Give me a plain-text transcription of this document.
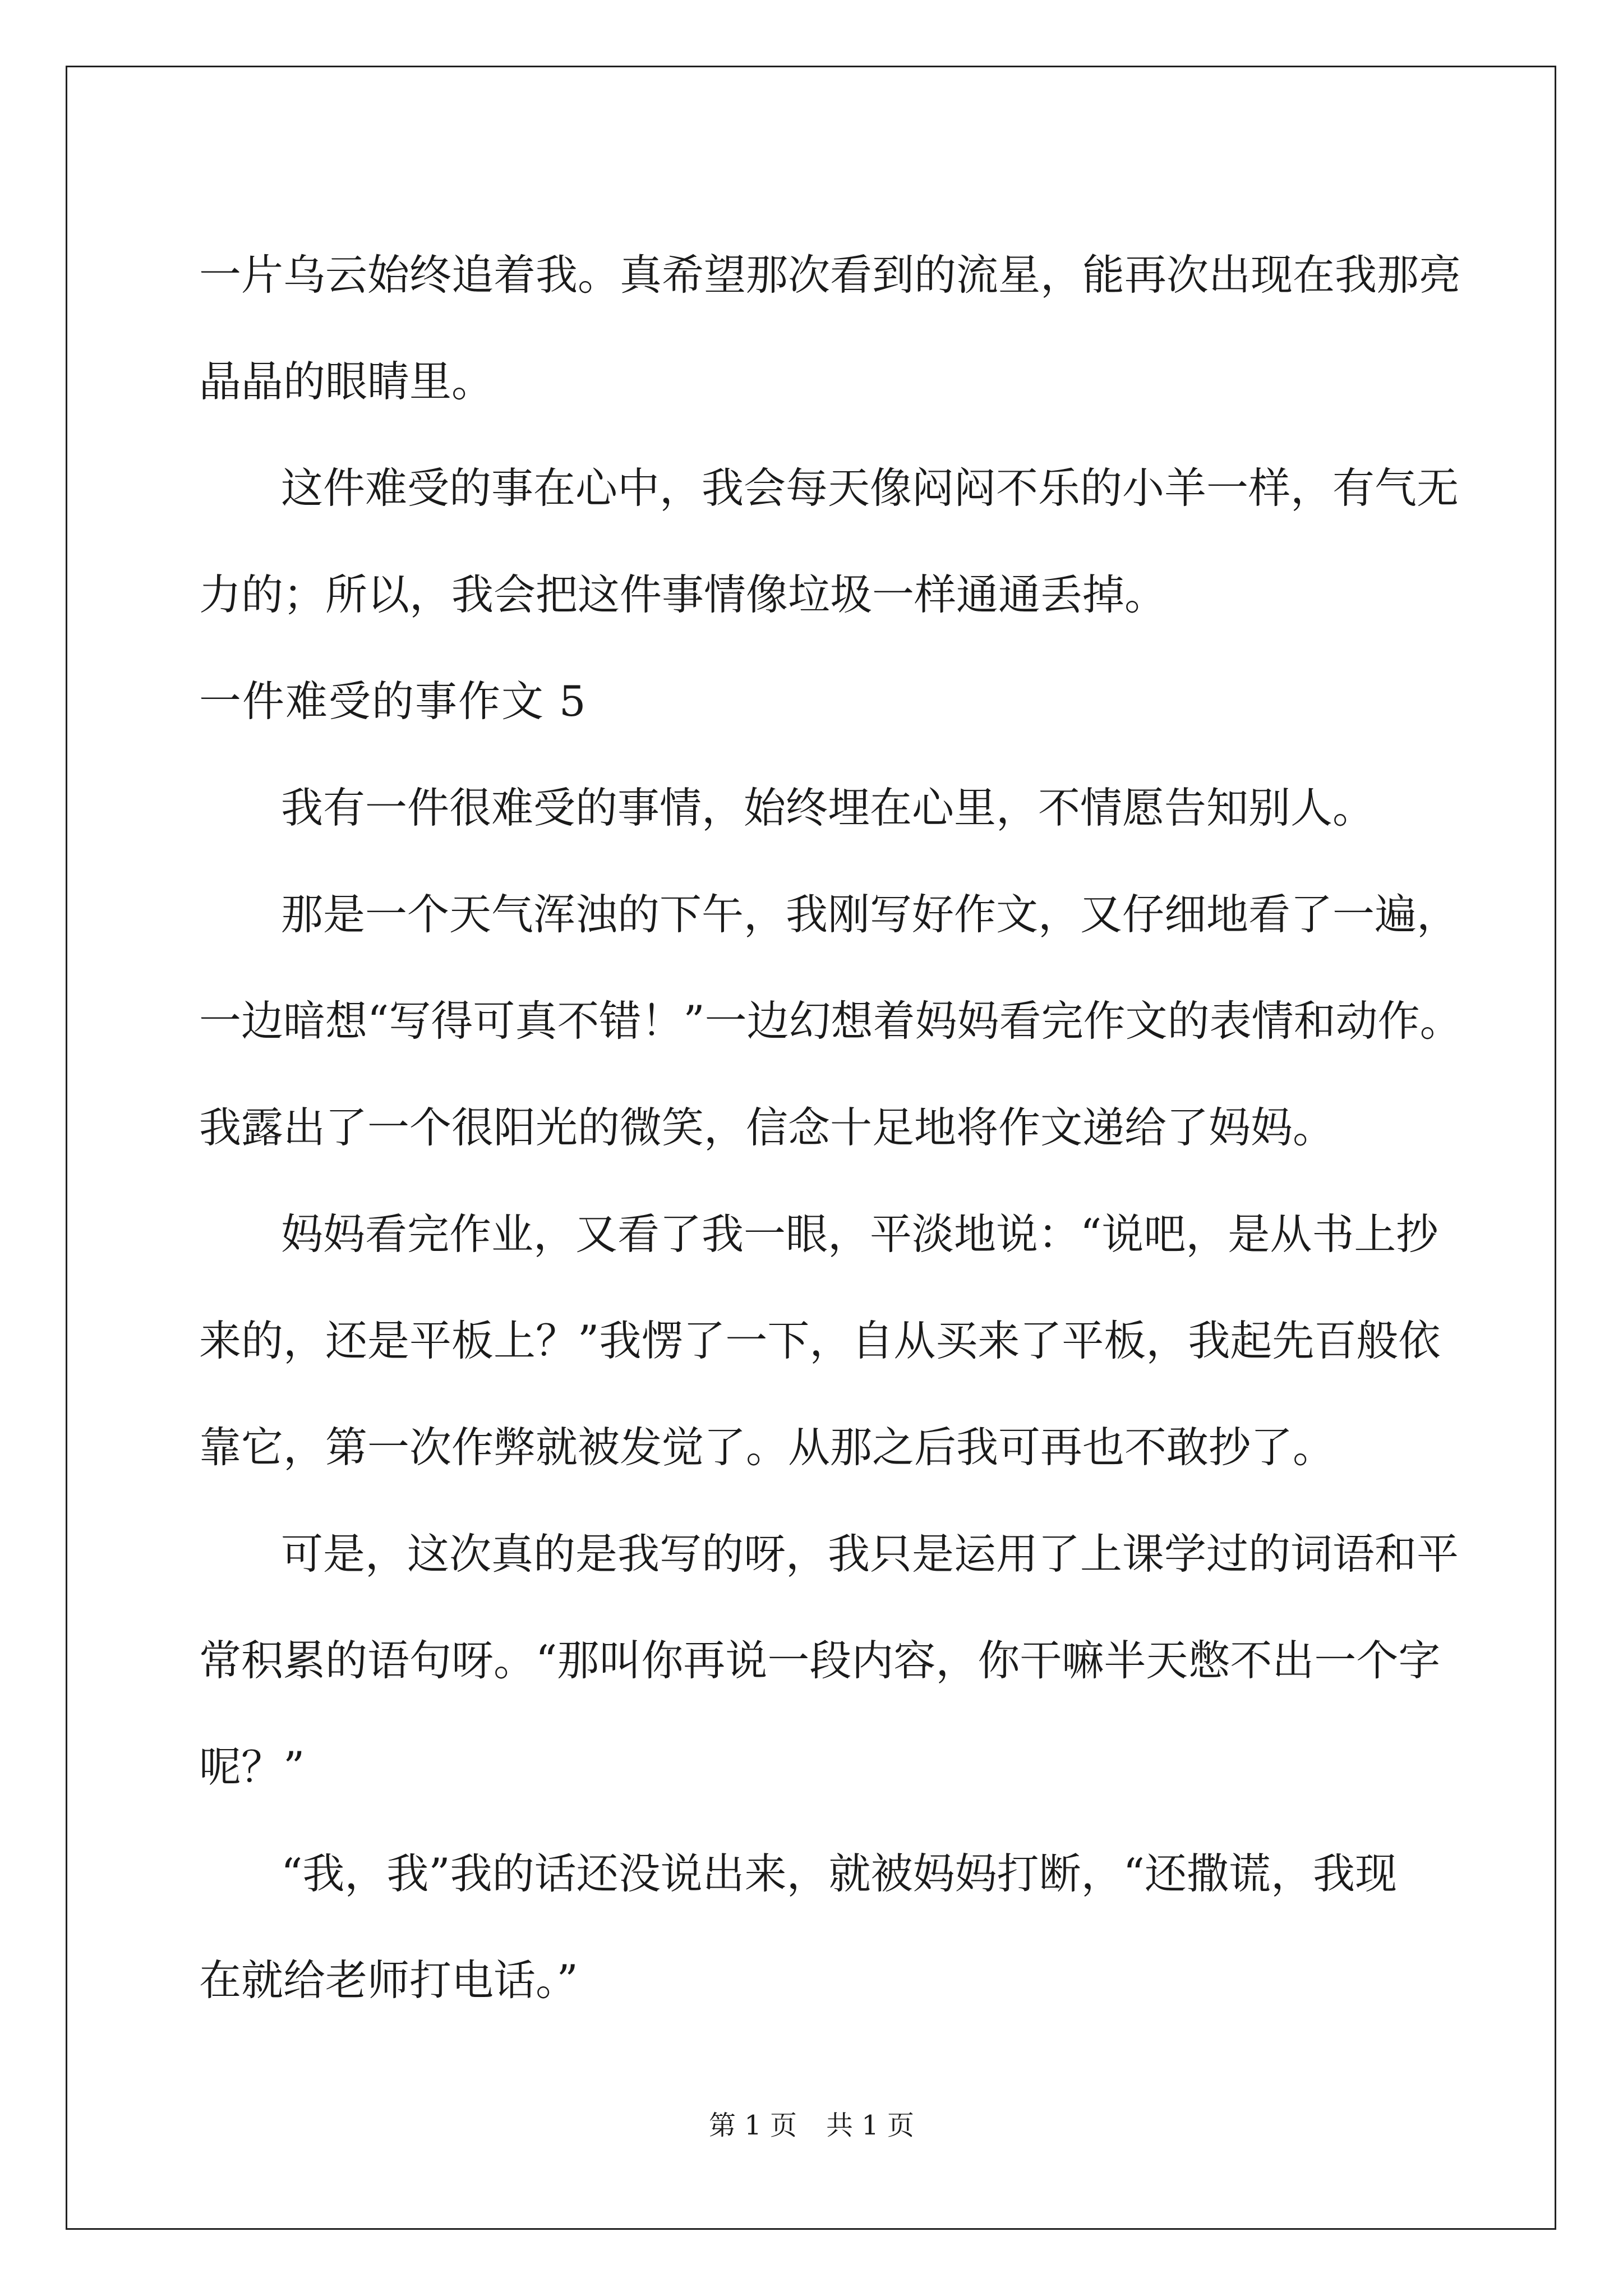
一片乌云始终追着我。真希望那次看到的流星，能再次出现在我那亮
晶晶的眼睛里。
这件难受的事在心中，我会每天像闷闷不乐的小羊一样，有气无
力的；所以，我会把这件事情像垃圾一样通通丢掉。
一件难受的事作文 5
我有一件很难受的事情，始终埋在心里，不情愿告知别人。
那是一个天气浑浊的下午，我刚写好作文，又仔细地看了一遍，
一边暗想“写得可真不错！”一边幻想着妈妈看完作文的表情和动作。
我露出了一个很阳光的微笑，信念十足地将作文递给了妈妈。
妈妈看完作业，又看了我一眼，平淡地说：“说吧，是从书上抄
来的，还是平板上？”我愣了一下，自从买来了平板，我起先百般依
靠它，第一次作弊就被发觉了。从那之后我可再也不敢抄了。
可是，这次真的是我写的呀，我只是运用了上课学过的词语和平
常积累的语句呀。“那叫你再说一段内容，你干嘛半天憋不出一个字
呢？”
“我，我”我的话还没说出来，就被妈妈打断，“还撒谎，我现
在就给老师打电话。”
第 1 页 共 1 页
